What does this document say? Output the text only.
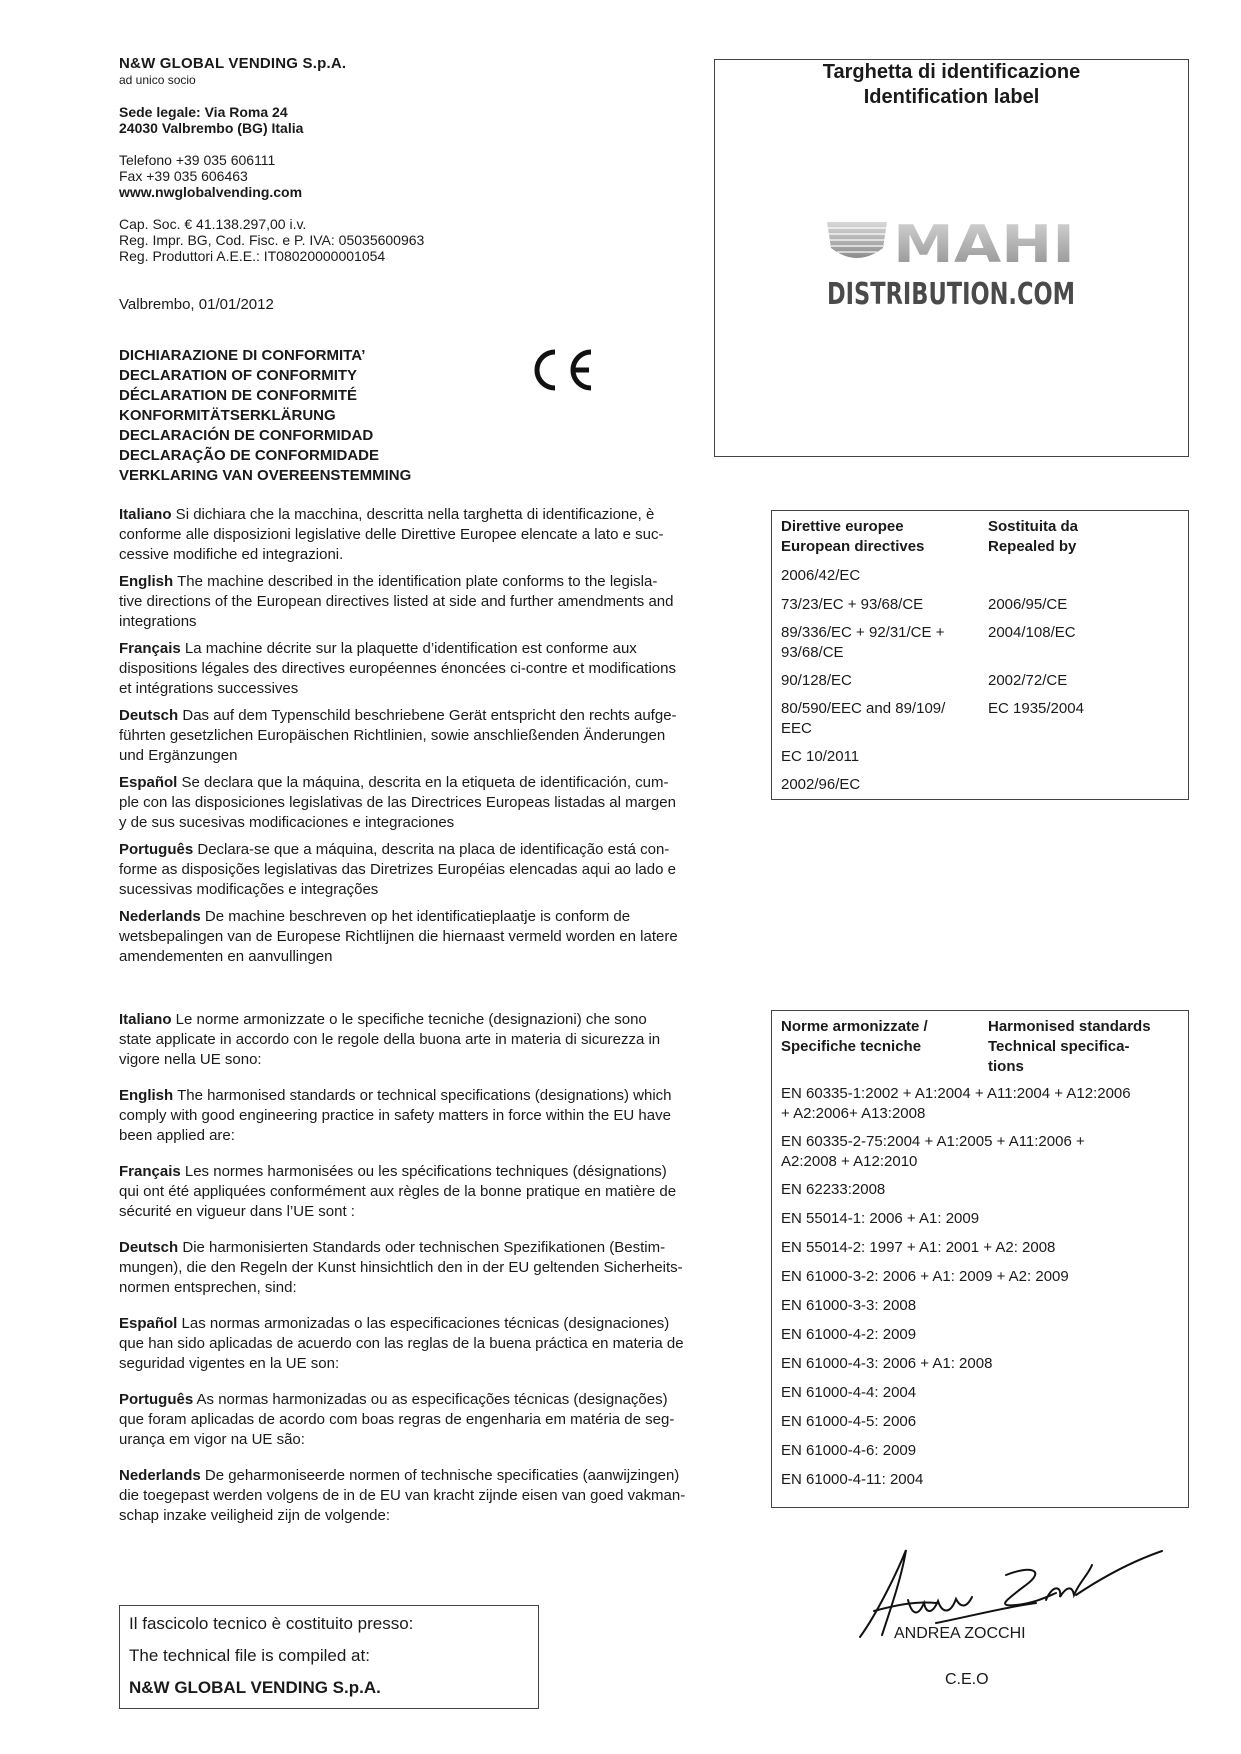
N&W GLOBAL VENDING S.p.A.
ad unico socio
Sede legale: Via Roma 24
24030 Valbrembo (BG) Italia
Telefono +39 035 606111
Fax +39 035 606463
www.nwglobalvending.com
Cap. Soc. € 41.138.297,00 i.v.
Reg. Impr. BG, Cod. Fisc. e P. IVA: 05035600963
Reg. Produttori A.E.E.: IT08020000001054
Valbrembo, 01/01/2012
DICHIARAZIONE DI CONFORMITA’
DECLARATION OF CONFORMITY
DÉCLARATION DE CONFORMITÉ
KONFORMITÄTSERKLÄRUNG
DECLARACIÓN DE CONFORMIDAD
DECLARAÇÃO DE CONFORMIDADE
VERKLARING VAN OVEREENSTEMMING
Targhetta di identificazione
Identification label
MAHI
DISTRIBUTION.COM
Italiano Si dichiara che la macchina, descritta nella targhetta di identificazione, è
conforme alle disposizioni legislative delle Direttive Europee elencate a lato e suc-
cessive modifiche ed integrazioni.
English The machine described in the identification plate conforms to the legisla-
tive directions of the European directives listed at side and further amendments and
integrations
Français La machine décrite sur la plaquette d’identification est conforme aux
dispositions légales des directives européennes énoncées ci-contre et modifications
et intégrations successives
Deutsch Das auf dem Typenschild beschriebene Gerät entspricht den rechts aufge-
führten gesetzlichen Europäischen Richtlinien, sowie anschließenden Änderungen
und Ergänzungen
Español Se declara que la máquina, descrita en la etiqueta de identificación, cum-
ple con las disposiciones legislativas de las Directrices Europeas listadas al margen
y de sus sucesivas modificaciones e integraciones
Português Declara-se que a máquina, descrita na placa de identificação está con-
forme as disposições legislativas das Diretrizes Européias elencadas aqui ao lado e
sucessivas modificações e integrações
Nederlands De machine beschreven op het identificatieplaatje is conform de
wetsbepalingen van de Europese Richtlijnen die hiernaast vermeld worden en latere
amendementen en aanvullingen
Direttive europee
European directives
Sostituita da
Repealed by
2006/42/EC
73/23/EC + 93/68/CE	2006/95/CE
89/336/EC + 92/31/CE +
93/68/CE
2004/108/EC
90/128/EC	2002/72/CE
80/590/EEC and 89/109/
EEC
EC 1935/2004
EC 10/2011
2002/96/EC
Italiano Le norme armonizzate o le specifiche tecniche (designazioni) che sono
state applicate in accordo con le regole della buona arte in materia di sicurezza in
vigore nella UE sono:
English The harmonised standards or technical specifications (designations) which
comply with good engineering practice in safety matters in force within the EU have
been applied are:
Français Les normes harmonisées ou les spécifications techniques (désignations)
qui ont été appliquées conformément aux règles de la bonne pratique en matière de
sécurité en vigueur dans l’UE sont :
Deutsch Die harmonisierten Standards oder technischen Spezifikationen (Bestim-
mungen), die den Regeln der Kunst hinsichtlich den in der EU geltenden Sicherheits-
normen entsprechen, sind:
Español Las normas armonizadas o las especificaciones técnicas (designaciones)
que han sido aplicadas de acuerdo con las reglas de la buena práctica en materia de
seguridad vigentes en la UE son:
Português As normas harmonizadas ou as especificações técnicas (designações)
que foram aplicadas de acordo com boas regras de engenharia em matéria de seg-
urança em vigor na UE são:
Nederlands De geharmoniseerde normen of technische specificaties (aanwijzingen)
die toegepast werden volgens de in de EU van kracht zijnde eisen van goed vakman-
schap inzake veiligheid zijn de volgende:
Norme armonizzate /
Specifiche tecniche
Harmonised standards
Technical specifica-
tions
EN 60335-1:2002 + A1:2004 + A11:2004 + A12:2006
+ A2:2006+ A13:2008
EN 60335-2-75:2004 + A1:2005 + A11:2006 +
A2:2008 + A12:2010
EN 62233:2008
EN 55014-1: 2006 + A1: 2009
EN 55014-2: 1997 + A1: 2001 + A2: 2008
EN 61000-3-2: 2006 + A1: 2009 + A2: 2009
EN 61000-3-3: 2008
EN 61000-4-2: 2009
EN 61000-4-3: 2006 + A1: 2008
EN 61000-4-4: 2004
EN 61000-4-5: 2006
EN 61000-4-6: 2009
EN 61000-4-11: 2004
Il fascicolo tecnico è costituito presso:
The technical file is compiled at:
N&W GLOBAL VENDING S.p.A.
ANDREA ZOCCHI
C.E.O
